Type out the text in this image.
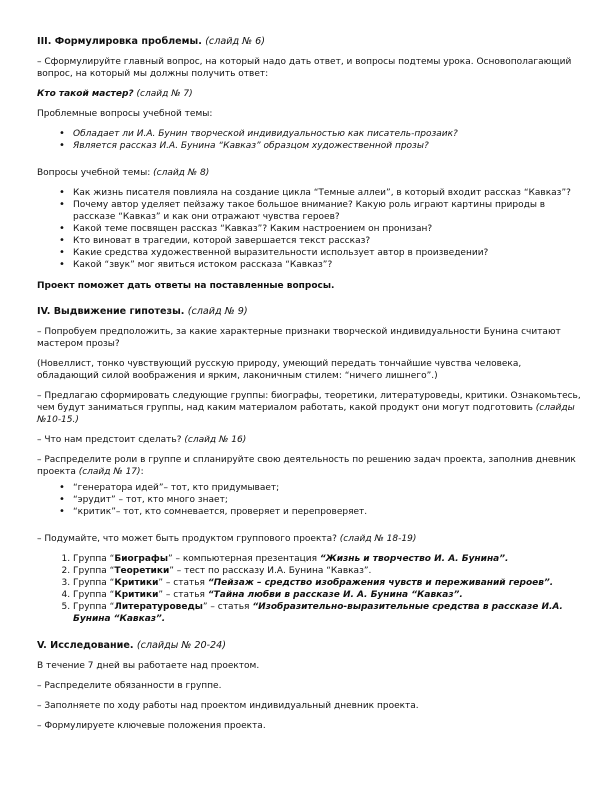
III. Формулировка проблемы. (слайд № 6)

– Сформулируйте главный вопрос, на который надо дать ответ, и вопросы подтемы урока. Основополагающий вопрос, на который мы должны получить ответ:

Кто такой мастер? (слайд № 7)

Проблемные вопросы учебной темы:

• Обладает ли И.А. Бунин творческой индивидуальностью как писатель-прозаик?
• Является рассказ И.А. Бунина “Кавказ” образцом художественной прозы?

Вопросы учебной темы: (слайд № 8)

• Как жизнь писателя повлияла на создание цикла “Темные аллеи”, в который входит рассказ “Кавказ”?
• Почему автор уделяет пейзажу такое большое внимание? Какую роль играют картины природы в рассказе “Кавказ” и как они отражают чувства героев?
• Какой теме посвящен рассказ “Кавказ”? Каким настроением он пронизан?
• Кто виноват в трагедии, которой завершается текст рассказ?
• Какие средства художественной выразительности использует автор в произведении?
• Какой “звук” мог явиться истоком рассказа “Кавказ”?

Проект поможет дать ответы на поставленные вопросы.

IV. Выдвижение гипотезы. (слайд № 9)

– Попробуем предположить, за какие характерные признаки творческой индивидуальности Бунина считают мастером прозы?

(Новеллист, тонко чувствующий русскую природу, умеющий передать тончайшие чувства человека, обладающий силой воображения и ярким, лаконичным стилем: “ничего лишнего”.)

– Предлагаю сформировать следующие группы: биографы, теоретики, литературоведы, критики. Ознакомьтесь, чем будут заниматься группы, над каким материалом работать, какой продукт они могут подготовить (слайды №10-15.)

– Что нам предстоит сделать? (слайд № 16)

– Распределите роли в группе и спланируйте свою деятельность по решению задач проекта, заполнив дневник проекта (слайд № 17):

• “генератора идей”– тот, кто придумывает;
• “эрудит” – тот, кто много знает;
• “критик”– тот, кто сомневается, проверяет и перепроверяет.

– Подумайте, что может быть продуктом группового проекта? (слайд № 18-19)

1. Группа “Биографы” – компьютерная презентация “Жизнь и творчество И. А. Бунина”.
2. Группа “Теоретики” – тест по рассказу И.А. Бунина “Кавказ”.
3. Группа “Критики” – статья “Пейзаж – средство изображения чувств и переживаний героев”.
4. Группа “Критики” – статья “Тайна любви в рассказе И. А. Бунина “Кавказ”.
5. Группа “Литературоведы” – статья “Изобразительно-выразительные средства в рассказе И.А. Бунина “Кавказ”.
V. Исследование. (слайды № 20-24)

В течение 7 дней вы работаете над проектом.

– Распределите обязанности в группе.

– Заполняете по ходу работы над проектом индивидуальный дневник проекта.

– Формулируете ключевые положения проекта.
